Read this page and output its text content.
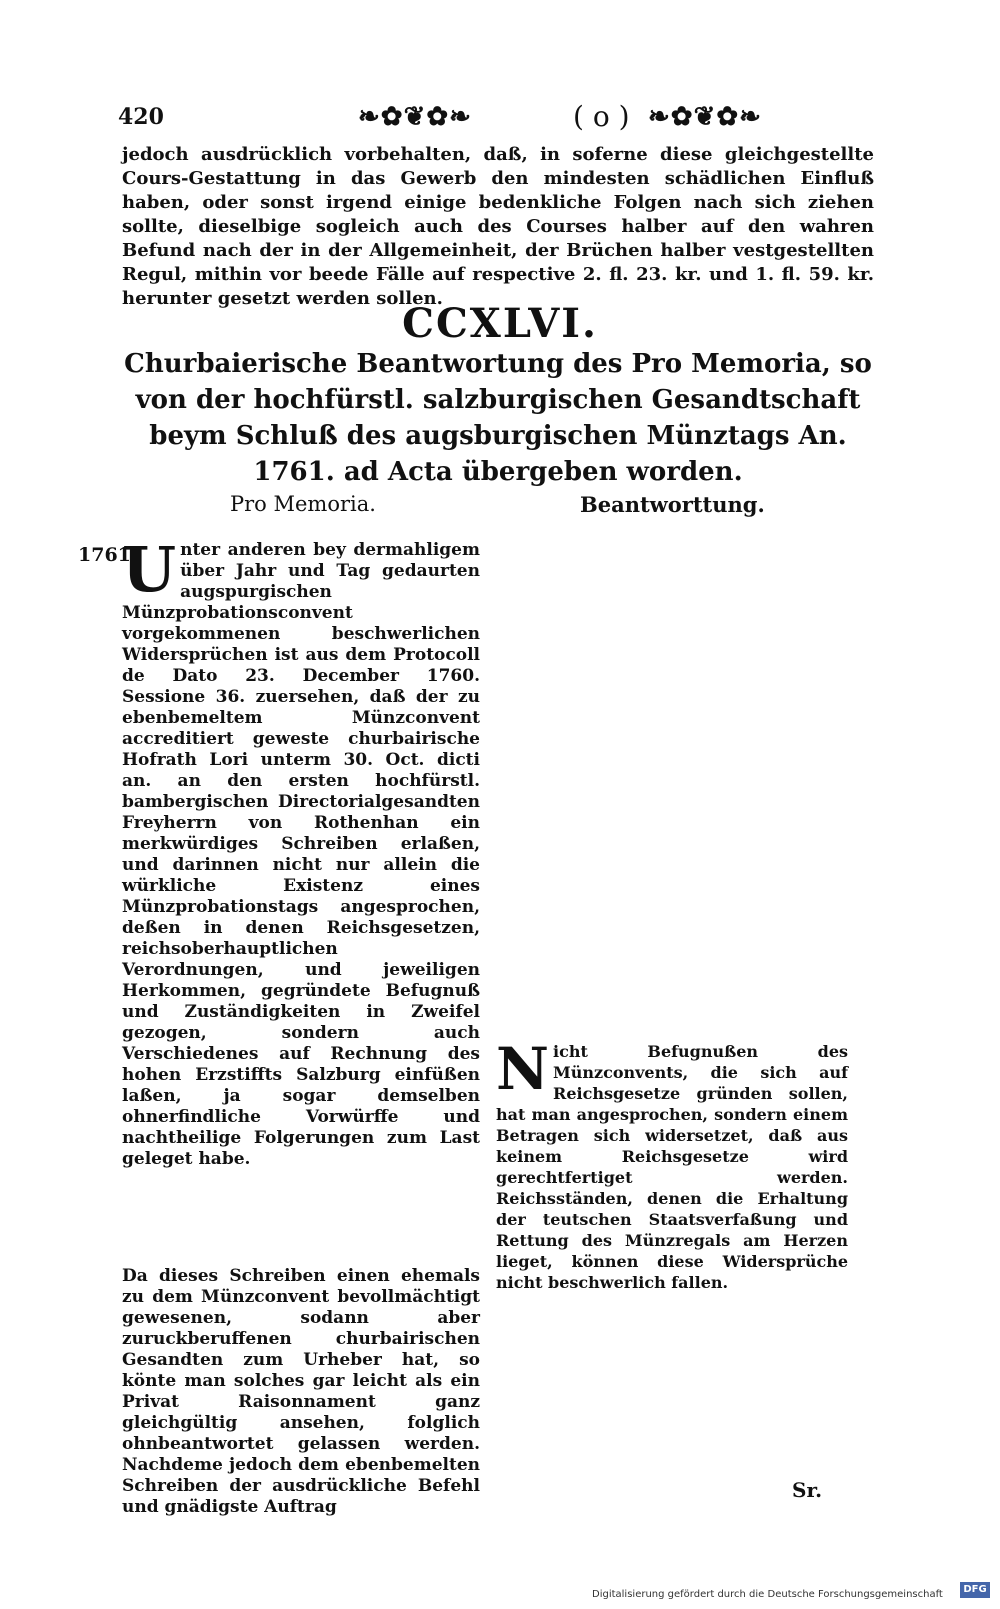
420	❧✿❦✿❧	( o ) ❧✿❦✿❧
jedoch ausdrücklich vorbehalten, daß, in soferne diese gleichgestellte Cours-Gestattung in das Gewerb den mindesten schädlichen Einfluß haben, oder sonst irgend einige bedenkliche Folgen nach sich ziehen sollte, dieselbige sogleich auch des Courses halber auf den wahren Befund nach der in der Allgemeinheit, der Brüchen halber vestgestellten Regul, mithin vor beede Fälle auf respective 2. fl. 23. kr. und 1. fl. 59. kr. herunter gesetzt werden sollen.
CCXLVI.
Churbaierische Beantwortung des Pro Memoria, so von der hochfürstl. salzburgischen Gesandtschaft beym Schluß des augsburgischen Münztags An. 1761. ad Acta übergeben worden.
Pro Memoria.	Beantworttung.
1761.
U nter anderen bey dermahligem über Jahr und Tag gedaurten augspurgischen Münzprobationsconvent vorgekommenen beschwerlichen Widersprüchen ist aus dem Protocoll de Dato 23. December 1760. Sessione 36. zuersehen, daß der zu ebenbemeltem Münzconvent accreditiert geweste churbairische Hofrath Lori unterm 30. Oct. dicti an. an den ersten hochfürstl. bambergischen Directorialgesandten Freyherrn von Rothenhan ein merkwürdiges Schreiben erlaßen, und darinnen nicht nur allein die würkliche Existenz eines Münzprobationstags angesprochen, deßen in denen Reichsgesetzen, reichsoberhauptlichen Verordnungen, und jeweiligen Herkommen, gegründete Befugnuß und Zuständigkeiten in Zweifel gezogen, sondern auch Verschiedenes auf Rechnung des hohen Erzstiffts Salzburg einfüßen laßen, ja sogar demselben ohnerfindliche Vorwürffe und nachtheilige Folgerungen zum Last geleget habe.
N icht Befugnußen des Münzconvents, die sich auf Reichsgesetze gründen sollen, hat man angesprochen, sondern einem Betragen sich widersetzet, daß aus keinem Reichsgesetze wird gerechtfertiget werden. Reichsständen, denen die Erhaltung der teutschen Staatsverfaßung und Rettung des Münzregals am Herzen lieget, können diese Widersprüche nicht beschwerlich fallen.
Da dieses Schreiben einen ehemals zu dem Münzconvent bevollmächtigt gewesenen, sodann aber zuruckberuffenen churbairischen Gesandten zum Urheber hat, so könte man solches gar leicht als ein Privat Raisonnament ganz gleichgültig ansehen, folglich ohnbeantwortet gelassen werden. Nachdeme jedoch dem ebenbemelten Schreiben der ausdrückliche Befehl und gnädigste Auftrag
Sr.
Digitalisierung gefördert durch die Deutsche Forschungsgemeinschaft	DFG
